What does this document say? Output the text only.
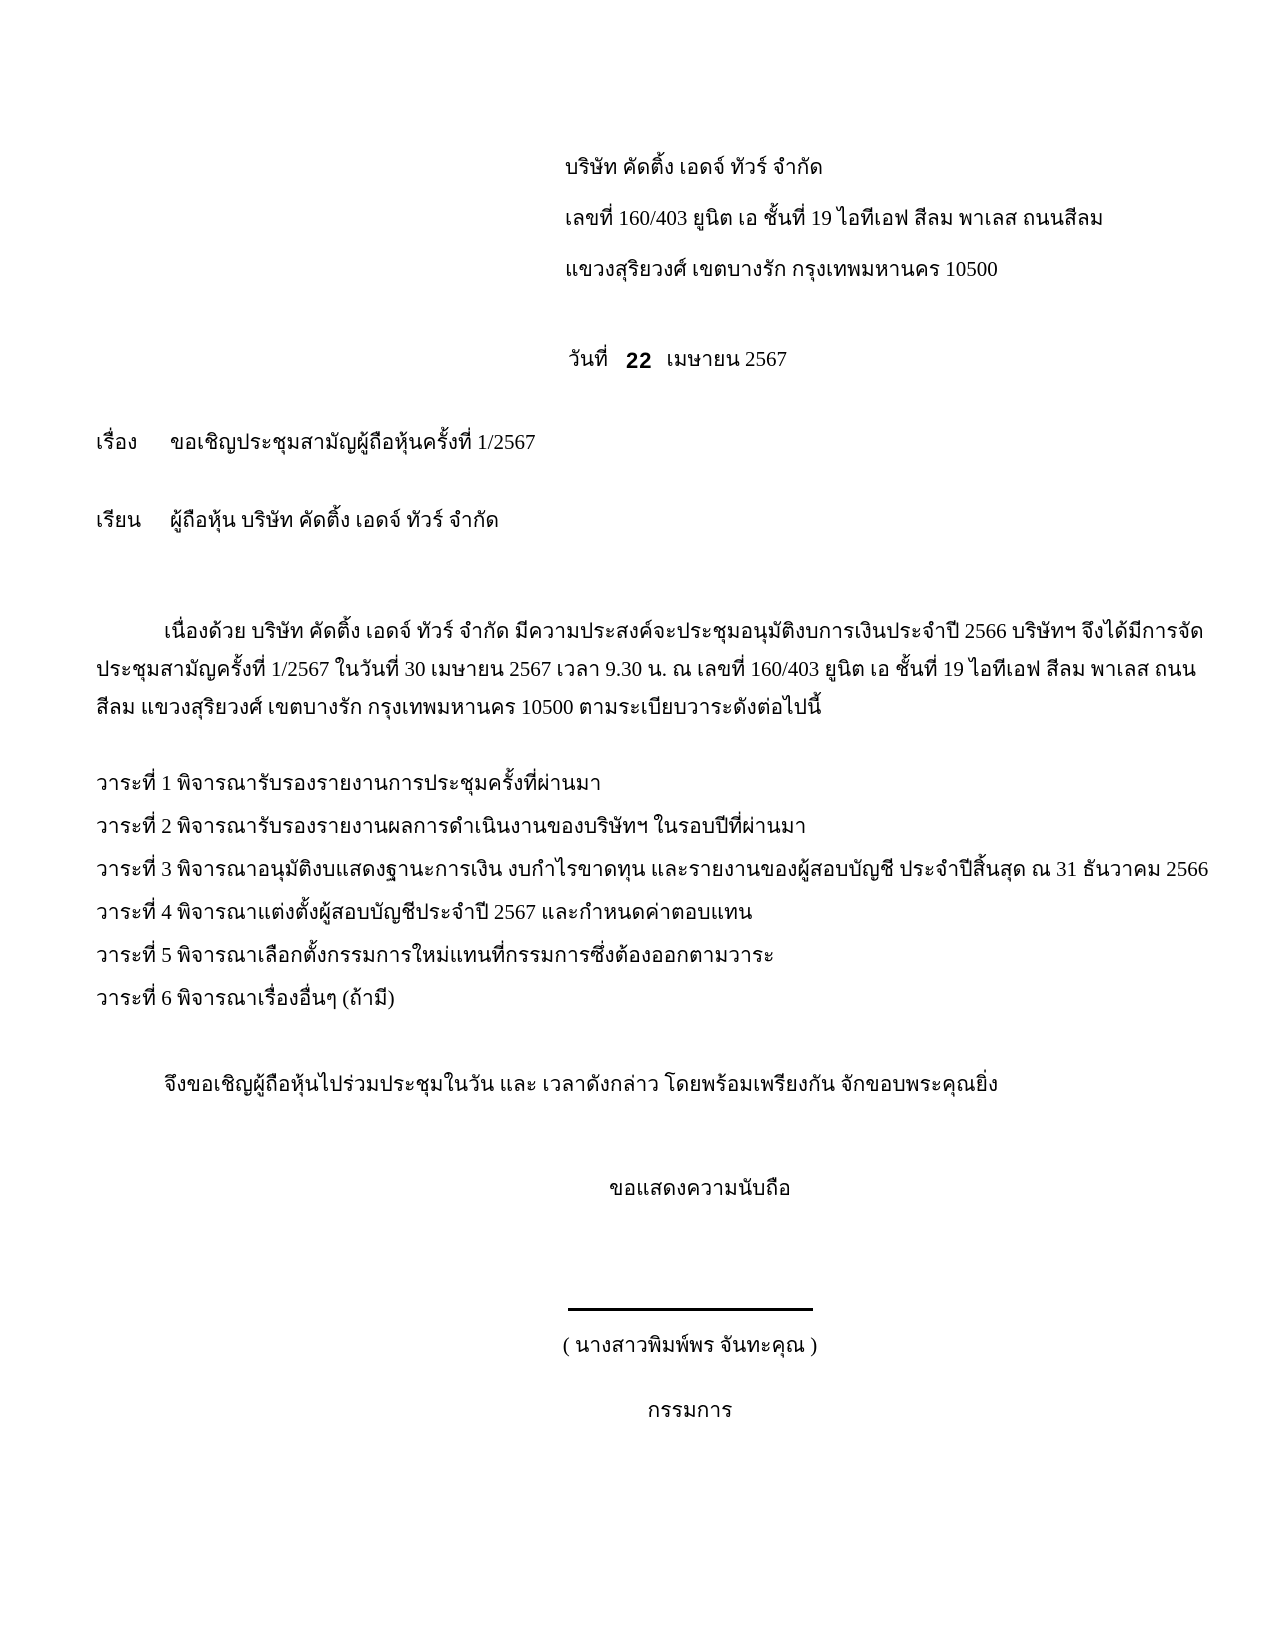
บริษัท คัดติ้ง เอดจ์ ทัวร์ จำกัด
เลขที่ 160/403 ยูนิต เอ ชั้นที่ 19 ไอทีเอฟ สีลม พาเลส ถนนสีลม
แขวงสุริยวงศ์ เขตบางรัก กรุงเทพมหานคร 10500
วันที่ 22 เมษายน 2567
เรื่อง ขอเชิญประชุมสามัญผู้ถือหุ้นครั้งที่ 1/2567
เรียน ผู้ถือหุ้น บริษัท คัดติ้ง เอดจ์ ทัวร์ จำกัด
เนื่องด้วย บริษัท คัดติ้ง เอดจ์ ทัวร์ จำกัด มีความประสงค์จะประชุมอนุมัติงบการเงินประจำปี 2566 บริษัทฯ จึงได้มีการจัด
ประชุมสามัญครั้งที่ 1/2567 ในวันที่ 30 เมษายน 2567 เวลา 9.30 น. ณ เลขที่ 160/403 ยูนิต เอ ชั้นที่ 19 ไอทีเอฟ สีลม พาเลส ถนน
สีลม แขวงสุริยวงศ์ เขตบางรัก กรุงเทพมหานคร 10500 ตามระเบียบวาระดังต่อไปนี้
วาระที่ 1 พิจารณารับรองรายงานการประชุมครั้งที่ผ่านมา
วาระที่ 2 พิจารณารับรองรายงานผลการดำเนินงานของบริษัทฯ ในรอบปีที่ผ่านมา
วาระที่ 3 พิจารณาอนุมัติงบแสดงฐานะการเงิน งบกำไรขาดทุน และรายงานของผู้สอบบัญชี ประจำปีสิ้นสุด ณ 31 ธันวาคม 2566
วาระที่ 4 พิจารณาแต่งตั้งผู้สอบบัญชีประจำปี 2567 และกำหนดค่าตอบแทน
วาระที่ 5 พิจารณาเลือกตั้งกรรมการใหม่แทนที่กรรมการซึ่งต้องออกตามวาระ
วาระที่ 6 พิจารณาเรื่องอื่นๆ (ถ้ามี)
จึงขอเชิญผู้ถือหุ้นไปร่วมประชุมในวัน และ เวลาดังกล่าว โดยพร้อมเพรียงกัน จักขอบพระคุณยิ่ง
ขอแสดงความนับถือ
( นางสาวพิมพ์พร จันทะคุณ )
กรรมการ
